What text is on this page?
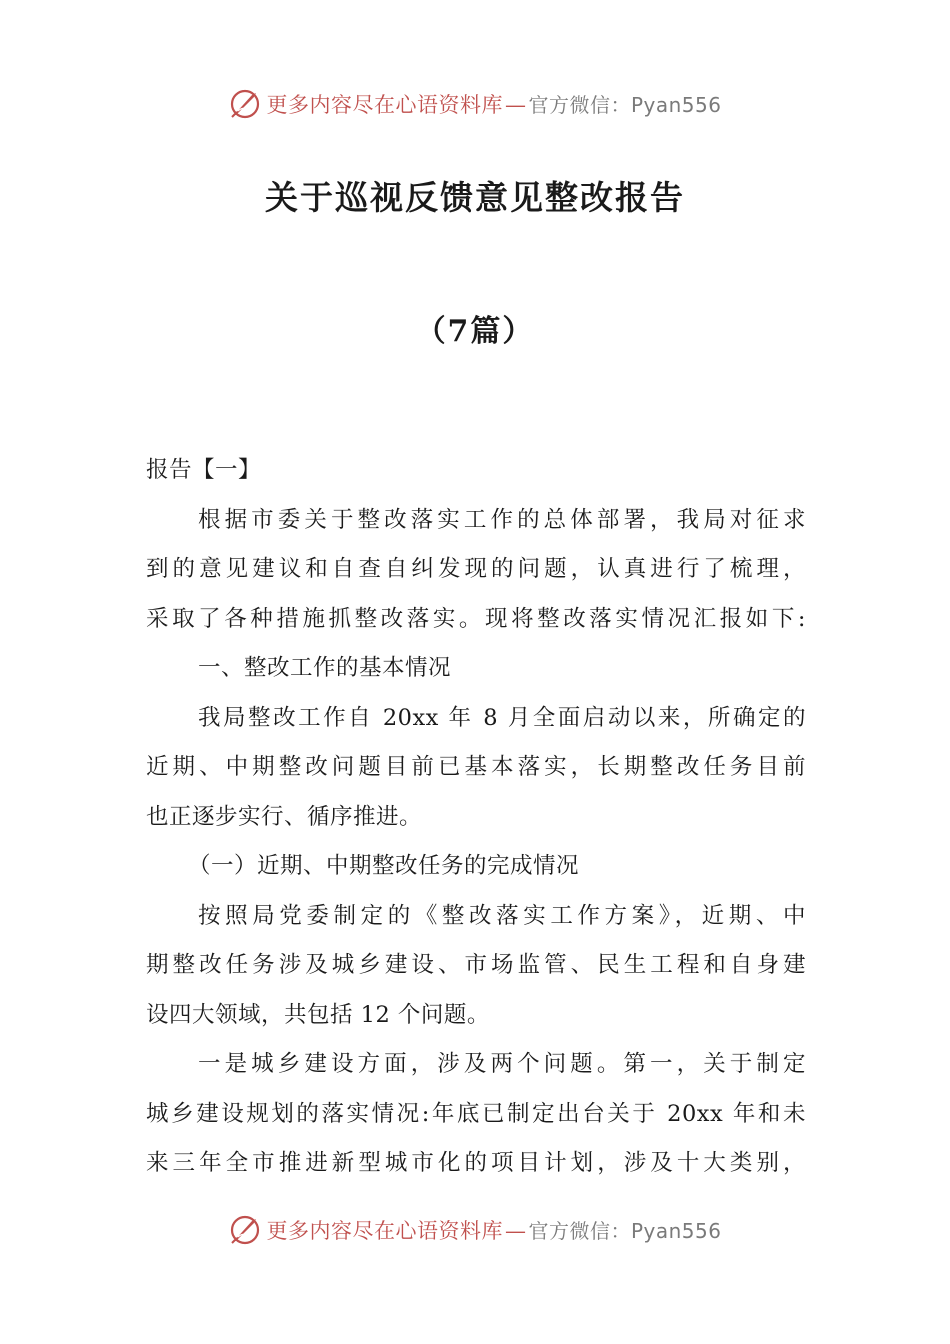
更多内容尽在心语资料库— 官方微信：Pyan556
关于巡视反馈意见整改报告
（7篇）
报告【一】
根据市委关于整改落实工作的总体部署，我局对征求
到的意见建议和自查自纠发现的问题，认真进行了梳理，
采取了各种措施抓整改落实。现将整改落实情况汇报如下:
一、整改工作的基本情况
我局整改工作自 20xx 年 8 月全面启动以来，所确定的
近期、中期整改问题目前已基本落实，长期整改任务目前
也正逐步实行、循序推进。
（一）近期、中期整改任务的完成情况
按照局党委制定的《整改落实工作方案》，近期、中
期整改任务涉及城乡建设、市场监管、民生工程和自身建
设四大领域，共包括 12 个问题。
一是城乡建设方面，涉及两个问题。第一，关于制定
城乡建设规划的落实情况:年底已制定出台关于 20xx 年和未
来三年全市推进新型城市化的项目计划，涉及十大类别，
更多内容尽在心语资料库— 官方微信：Pyan556
